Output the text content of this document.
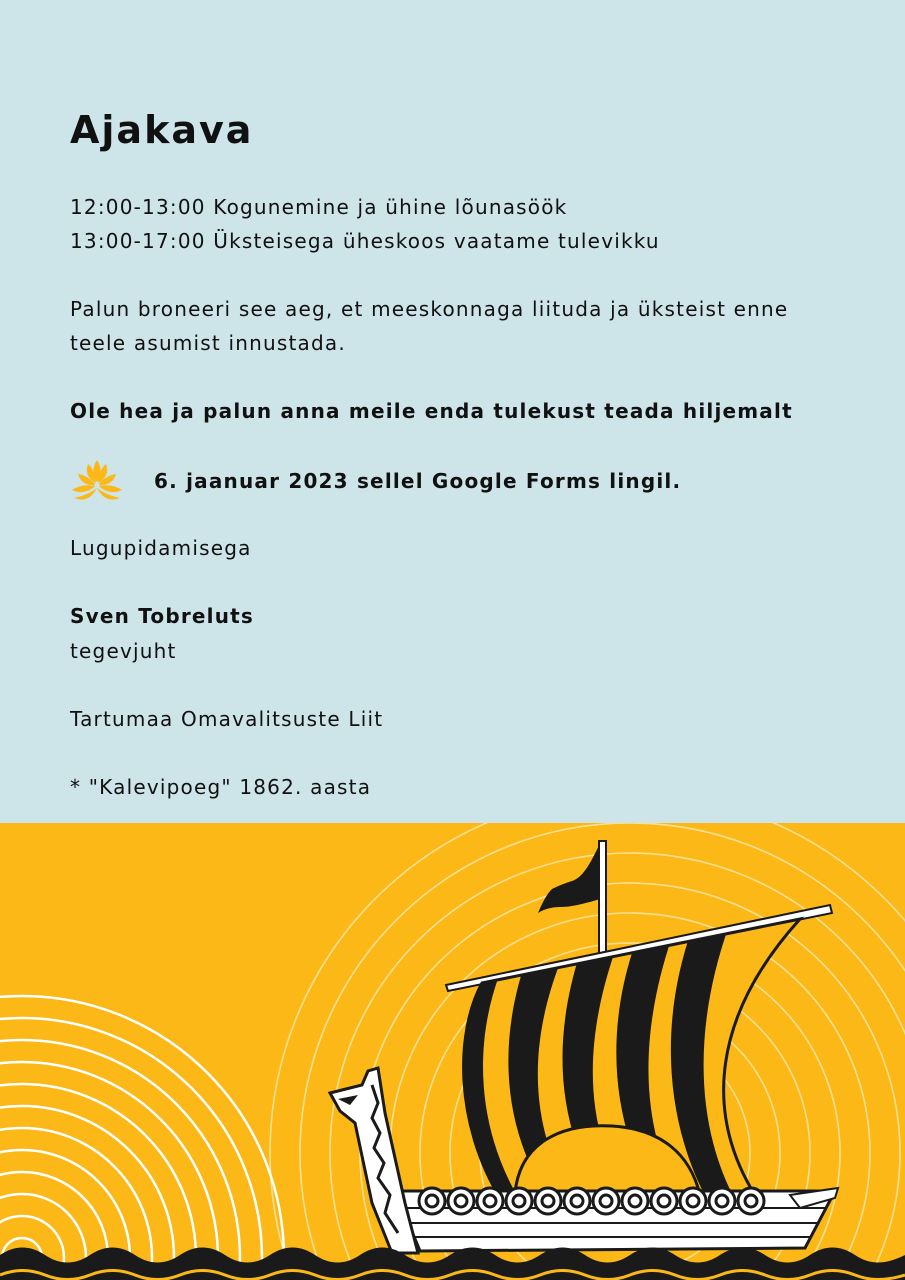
Ajakava

12:00-13:00 Kogunemine ja ühine lõunasöök

13:00-17:00 Üksteisega üheskoos vaatame tulevikku

Palun broneeri see aeg, et meeskonnaga liituda ja üksteist enne

teele asumist innustada.

Ole hea ja palun anna meile enda tulekust teada hiljemalt

6. jaanuar 2023 sellel Google Forms lingil.

Lugupidamisega

Sven Tobreluts

tegevjuht

Tartumaa Omavalitsuste Liit

* "Kalevipoeg" 1862. aasta
